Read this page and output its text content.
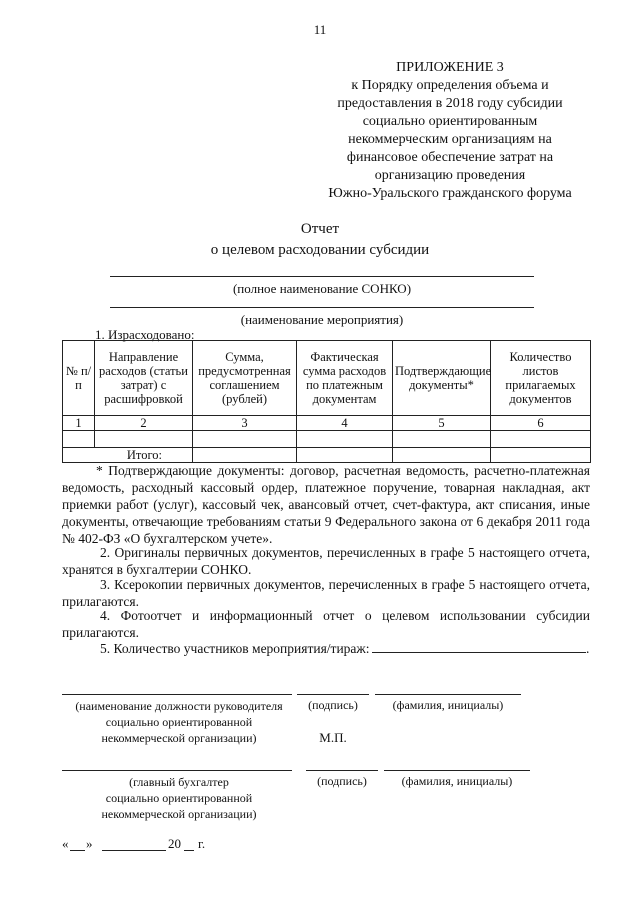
11
ПРИЛОЖЕНИЕ 3
к Порядку определения объема и
предоставления в 2018 году субсидии
социально ориентированным
некоммерческим организациям на
финансовое обеспечение затрат на
организацию проведения
Южно-Уральского гражданского форума
Отчет
о целевом расходовании субсидии
(полное наименование СОНКО)
(наименование мероприятия)
1. Израсходовано:
№ п/п	Направление расходов (статьи затрат) с расшифровкой	Сумма, предусмотренная соглашением (рублей)	Фактическая сумма расходов по платежным документам	Подтверждающие документы*	Количество листов прилагаемых документов
1	2	3	4	5	6

Итого:					
* Подтверждающие документы: договор, расчетная ведомость, расчетно-платежная ведомость, расходный кассовый ордер, платежное поручение, товарная накладная, акт приемки работ (услуг), кассовый чек, авансовый отчет, счет-фактура, акт списания, иные документы, отвечающие требованиям статьи 9 Федерального закона от 6 декабря 2011 года № 402-ФЗ «О бухгалтерском учете».
2. Оригиналы первичных документов, перечисленных в графе 5 настоящего отчета, хранятся в бухгалтерии СОНКО.
3. Ксерокопии первичных документов, перечисленных в графе 5 настоящего отчета, прилагаются.
4. Фотоотчет и информационный отчет о целевом использовании субсидии прилагаются.
5. Количество участников мероприятия/тираж:	.
(наименование должности руководителя
социально ориентированной
некоммерческой организации)
(подпись)	(фамилия, инициалы)
М.П.
(главный бухгалтер
социально ориентированной
некоммерческой организации)
(подпись)	(фамилия, инициалы)
« »	20 г.
